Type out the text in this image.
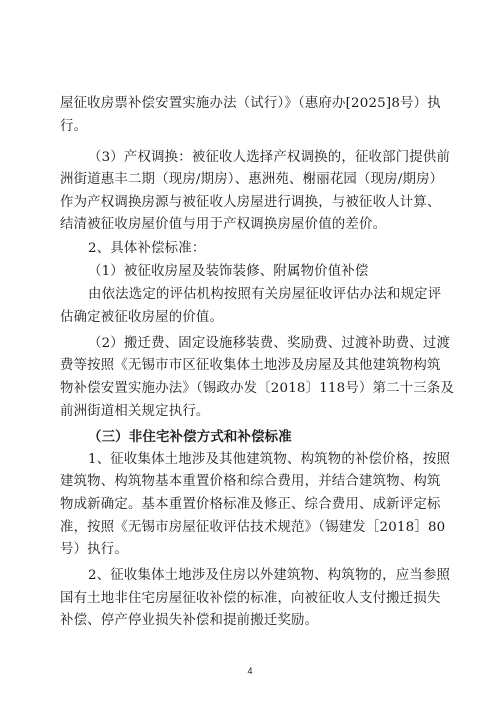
屋征收房票补偿安置实施办法（试行）》（惠府办[2025]8号）执
行。
（3）产权调换：被征收人选择产权调换的，征收部门提供前
洲街道惠丰二期（现房/期房）、惠洲苑、榭丽花园（现房/期房）
作为产权调换房源与被征收人房屋进行调换，与被征收人计算、
结清被征收房屋价值与用于产权调换房屋价值的差价。
2、具体补偿标准：
（1）被征收房屋及装饰装修、附属物价值补偿
由依法选定的评估机构按照有关房屋征收评估办法和规定评
估确定被征收房屋的价值。
（2）搬迁费、固定设施移装费、奖励费、过渡补助费、过渡
费等按照《无锡市市区征收集体土地涉及房屋及其他建筑物构筑
物补偿安置实施办法》（锡政办发〔2018〕118号）第二十三条及
前洲街道相关规定执行。
（三）非住宅补偿方式和补偿标准
1、征收集体土地涉及其他建筑物、构筑物的补偿价格，按照
建筑物、构筑物基本重置价格和综合费用，并结合建筑物、构筑
物成新确定。基本重置价格标准及修正、综合费用、成新评定标
准，按照《无锡市房屋征收评估技术规范》（锡建发［2018］80
号）执行。
2、征收集体土地涉及住房以外建筑物、构筑物的，应当参照
国有土地非住宅房屋征收补偿的标准，向被征收人支付搬迁损失
补偿、停产停业损失补偿和提前搬迁奖励。
4
